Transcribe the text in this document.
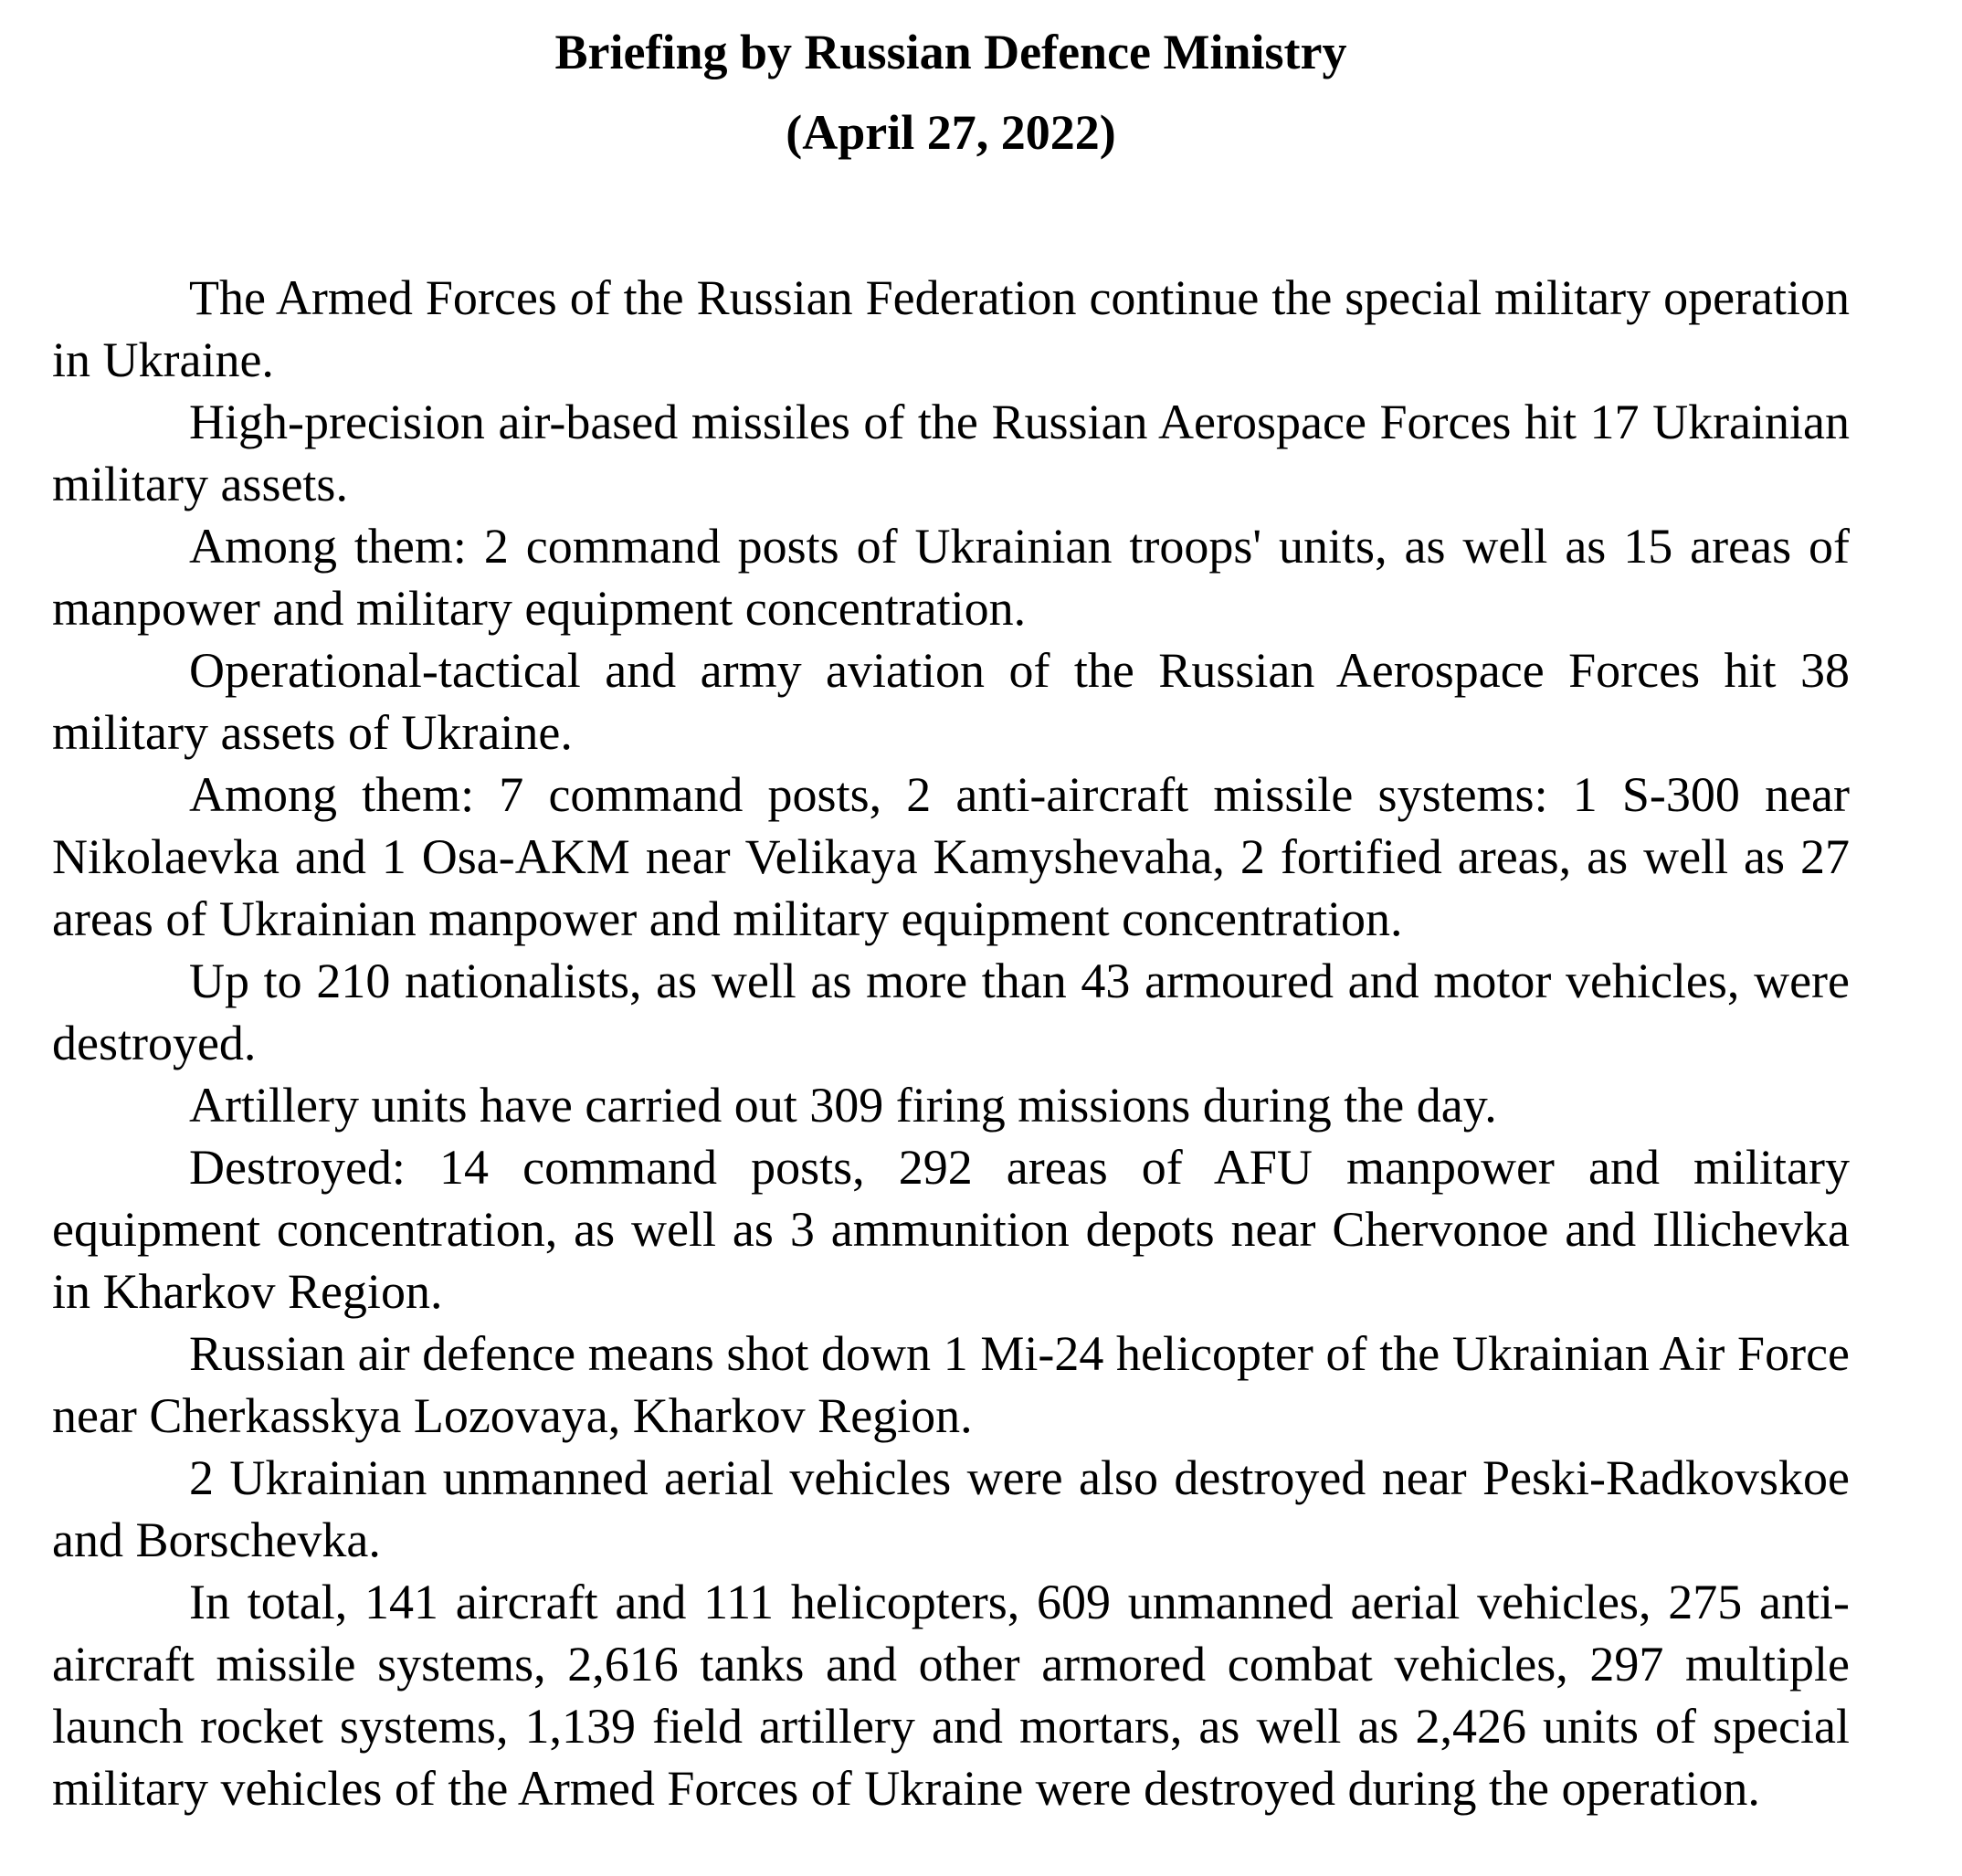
Briefing by Russian Defence Ministry
(April 27, 2022)

The Armed Forces of the Russian Federation continue the special military operation in Ukraine.

High-precision air-based missiles of the Russian Aerospace Forces hit 17 Ukrainian military assets.

Among them: 2 command posts of Ukrainian troops' units, as well as 15 areas of manpower and military equipment concentration.

Operational-tactical and army aviation of the Russian Aerospace Forces hit 38 military assets of Ukraine.

Among them: 7 command posts, 2 anti-aircraft missile systems: 1 S-300 near Nikolaevka and 1 Osa-AKM near Velikaya Kamyshevaha, 2 fortified areas, as well as 27 areas of Ukrainian manpower and military equipment concentration.

Up to 210 nationalists, as well as more than 43 armoured and motor vehicles, were destroyed.

Artillery units have carried out 309 firing missions during the day.

Destroyed: 14 command posts, 292 areas of AFU manpower and military equipment concentration, as well as 3 ammunition depots near Chervonoe and Illichevka in Kharkov Region.

Russian air defence means shot down 1 Mi-24 helicopter of the Ukrainian Air Force near Cherkasskya Lozovaya, Kharkov Region.

2 Ukrainian unmanned aerial vehicles were also destroyed near Peski-Radkovskoe and Borschevka.

In total, 141 aircraft and 111 helicopters, 609 unmanned aerial vehicles, 275 anti-aircraft missile systems, 2,616 tanks and other armored combat vehicles, 297 multiple launch rocket systems, 1,139 field artillery and mortars, as well as 2,426 units of special military vehicles of the Armed Forces of Ukraine were destroyed during the operation.
